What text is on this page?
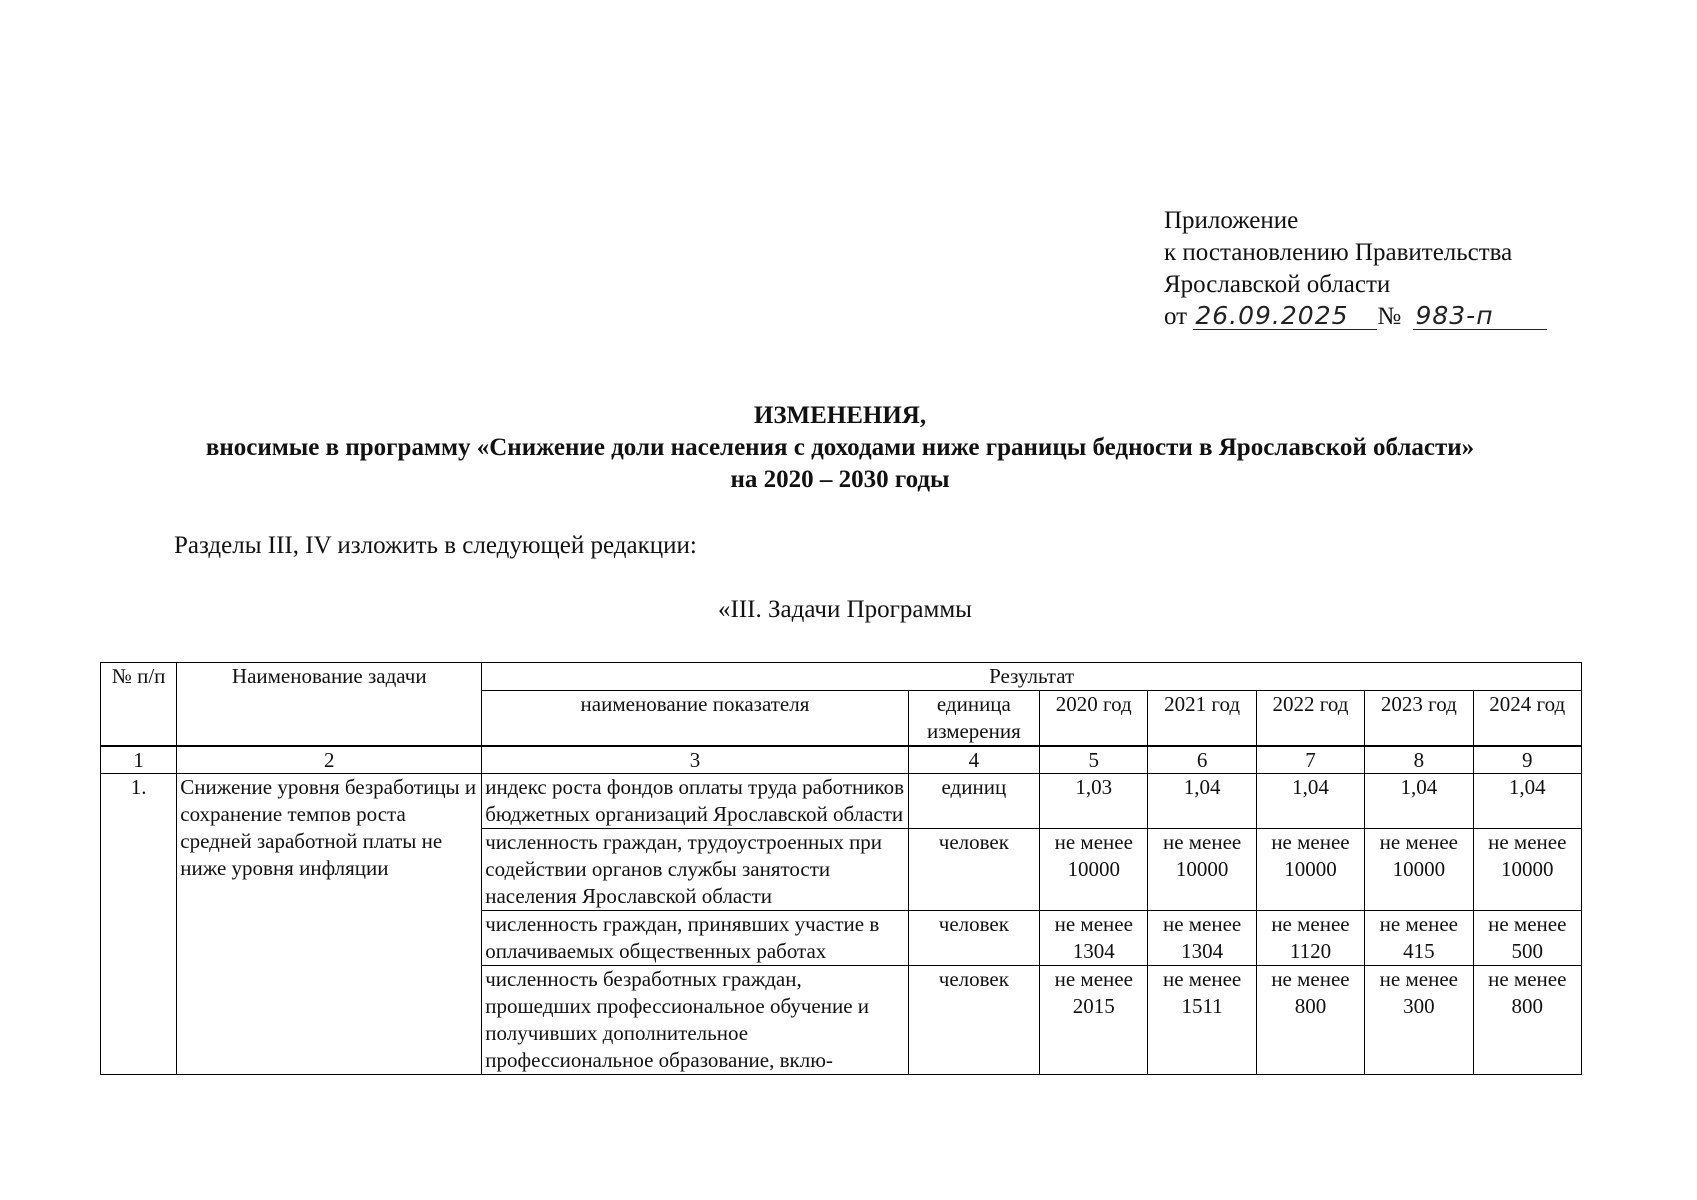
Приложение
к постановлению Правительства
Ярославской области
от 26.09.2025 № 983-п
ИЗМЕНЕНИЯ,
вносимые в программу «Снижение доли населения с доходами ниже границы бедности в Ярославской области»
на 2020 – 2030 годы
Разделы III, IV изложить в следующей редакции:
«III. Задачи Программы
№ п/п	Наименование задачи	Результат						
		наименование показателя	единица измерения	2020 год	2021 год	2022 год	2023 год	2024 год
1	2	3	4	5	6	7	8	9
1.	Снижение уровня безработицы и сохранение темпов роста средней заработной платы не ниже уровня инфляции	индекс роста фондов оплаты труда работников бюджетных организаций Ярославской области	единиц	1,03	1,04	1,04	1,04	1,04
		численность граждан, трудоустроенных при содействии органов службы занятости населения Ярославской области	человек	не менее 10000	не менее 10000	не менее 10000	не менее 10000	не менее 10000
		численность граждан, принявших участие в оплачиваемых общественных работах	человек	не менее 1304	не менее 1304	не менее 1120	не менее 415	не менее 500
		численность безработных граждан, прошедших профессиональное обучение и получивших дополнительное профессиональное образование, вклю-	человек	не менее 2015	не менее 1511	не менее 800	не менее 300	не менее 800
